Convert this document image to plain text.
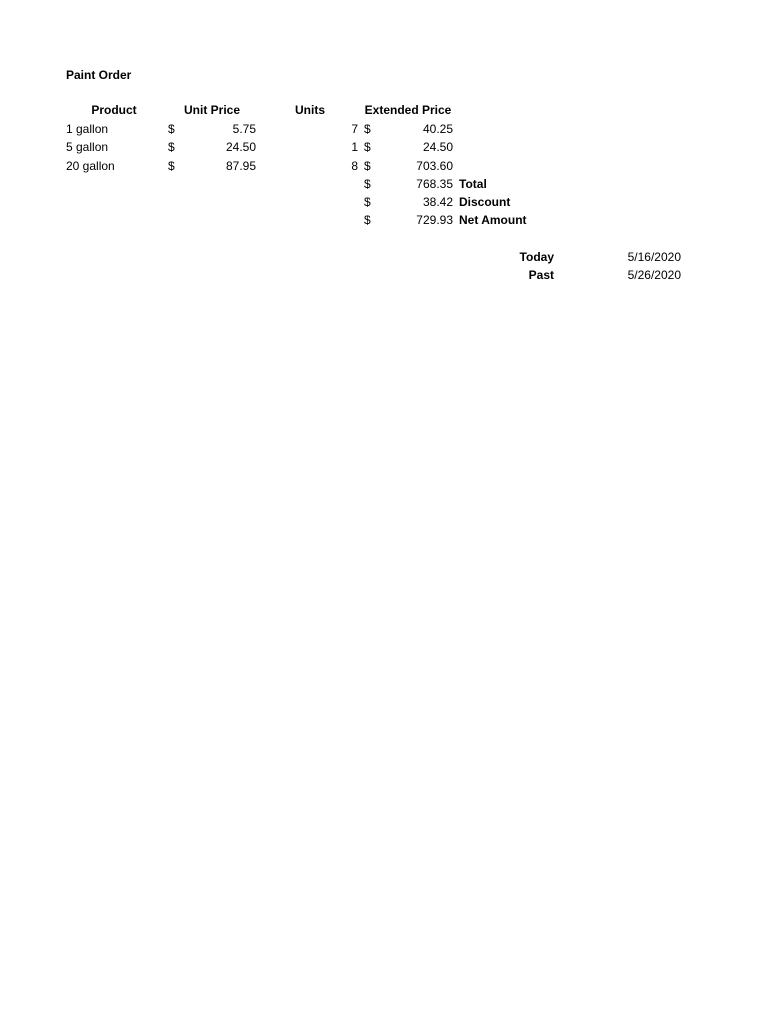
Paint Order
Product	Unit Price	Units	Extended Price
1 gallon	$	5.75	7 $	40.25
5 gallon	$	24.50	1 $	24.50
20 gallon	$	87.95	8 $	703.60
$	768.35 Total
$	38.42 Discount
$	729.93 Net Amount
Today	5/16/2020
Past	5/26/2020
